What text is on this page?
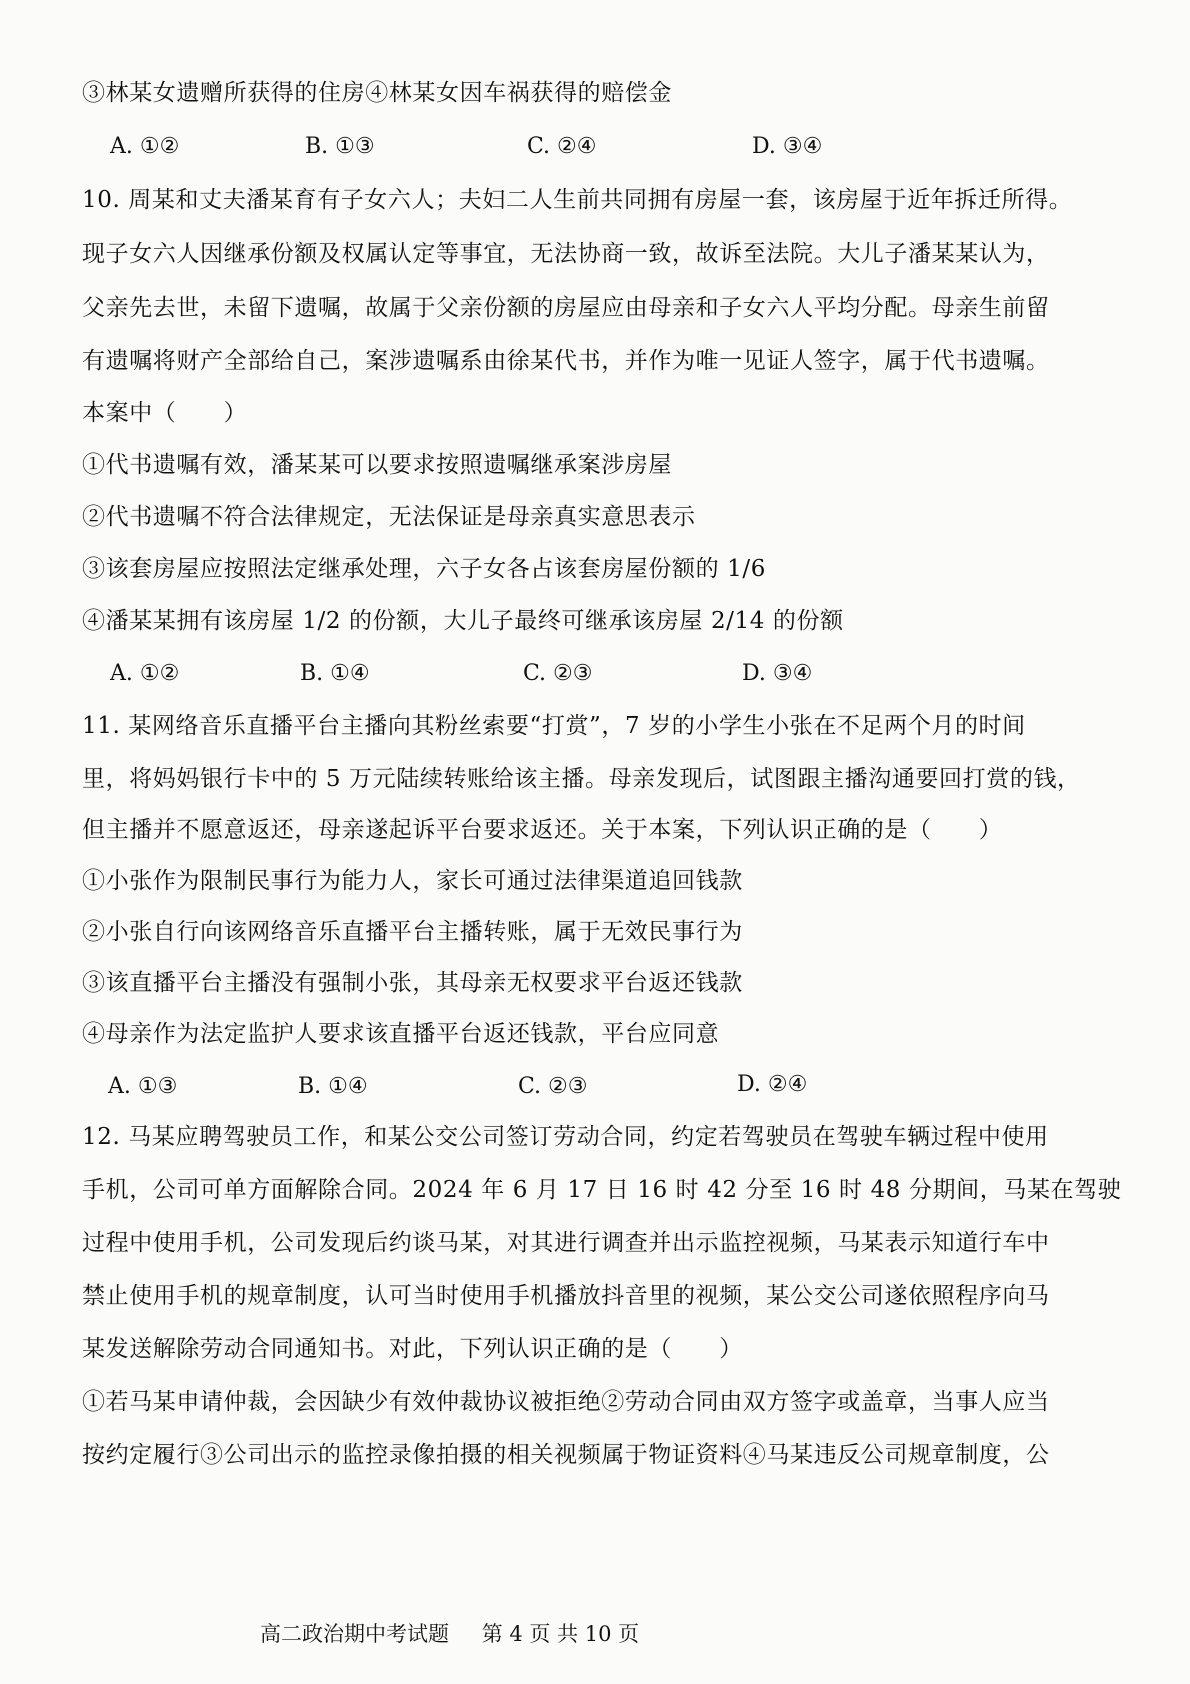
③林某女遗赠所获得的住房④林某女因车祸获得的赔偿金
A. ①②	B. ①③	C. ②④	D. ③④
10. 周某和丈夫潘某育有子女六人；夫妇二人生前共同拥有房屋一套，该房屋于近年拆迁所得。
现子女六人因继承份额及权属认定等事宜，无法协商一致，故诉至法院。大儿子潘某某认为，
父亲先去世，未留下遗嘱，故属于父亲份额的房屋应由母亲和子女六人平均分配。母亲生前留
有遗嘱将财产全部给自己，案涉遗嘱系由徐某代书，并作为唯一见证人签字，属于代书遗嘱。
本案中（　　）
①代书遗嘱有效，潘某某可以要求按照遗嘱继承案涉房屋
②代书遗嘱不符合法律规定，无法保证是母亲真实意思表示
③该套房屋应按照法定继承处理，六子女各占该套房屋份额的 1/6
④潘某某拥有该房屋 1/2 的份额，大儿子最终可继承该房屋 2/14 的份额
A. ①②	B. ①④	C. ②③	D. ③④
11. 某网络音乐直播平台主播向其粉丝索要“打赏”，7 岁的小学生小张在不足两个月的时间
里，将妈妈银行卡中的 5 万元陆续转账给该主播。母亲发现后，试图跟主播沟通要回打赏的钱，
但主播并不愿意返还，母亲遂起诉平台要求返还。关于本案，下列认识正确的是（　　）
①小张作为限制民事行为能力人，家长可通过法律渠道追回钱款
②小张自行向该网络音乐直播平台主播转账，属于无效民事行为
③该直播平台主播没有强制小张，其母亲无权要求平台返还钱款
④母亲作为法定监护人要求该直播平台返还钱款，平台应同意
A. ①③	B. ①④	C. ②③	D. ②④
12. 马某应聘驾驶员工作，和某公交公司签订劳动合同，约定若驾驶员在驾驶车辆过程中使用
手机，公司可单方面解除合同。2024 年 6 月 17 日 16 时 42 分至 16 时 48 分期间，马某在驾驶
过程中使用手机，公司发现后约谈马某，对其进行调查并出示监控视频，马某表示知道行车中
禁止使用手机的规章制度，认可当时使用手机播放抖音里的视频，某公交公司遂依照程序向马
某发送解除劳动合同通知书。对此，下列认识正确的是（　　）
①若马某申请仲裁，会因缺少有效仲裁协议被拒绝②劳动合同由双方签字或盖章，当事人应当
按约定履行③公司出示的监控录像拍摄的相关视频属于物证资料④马某违反公司规章制度，公
高二政治期中考试题 第 4 页 共 10 页
